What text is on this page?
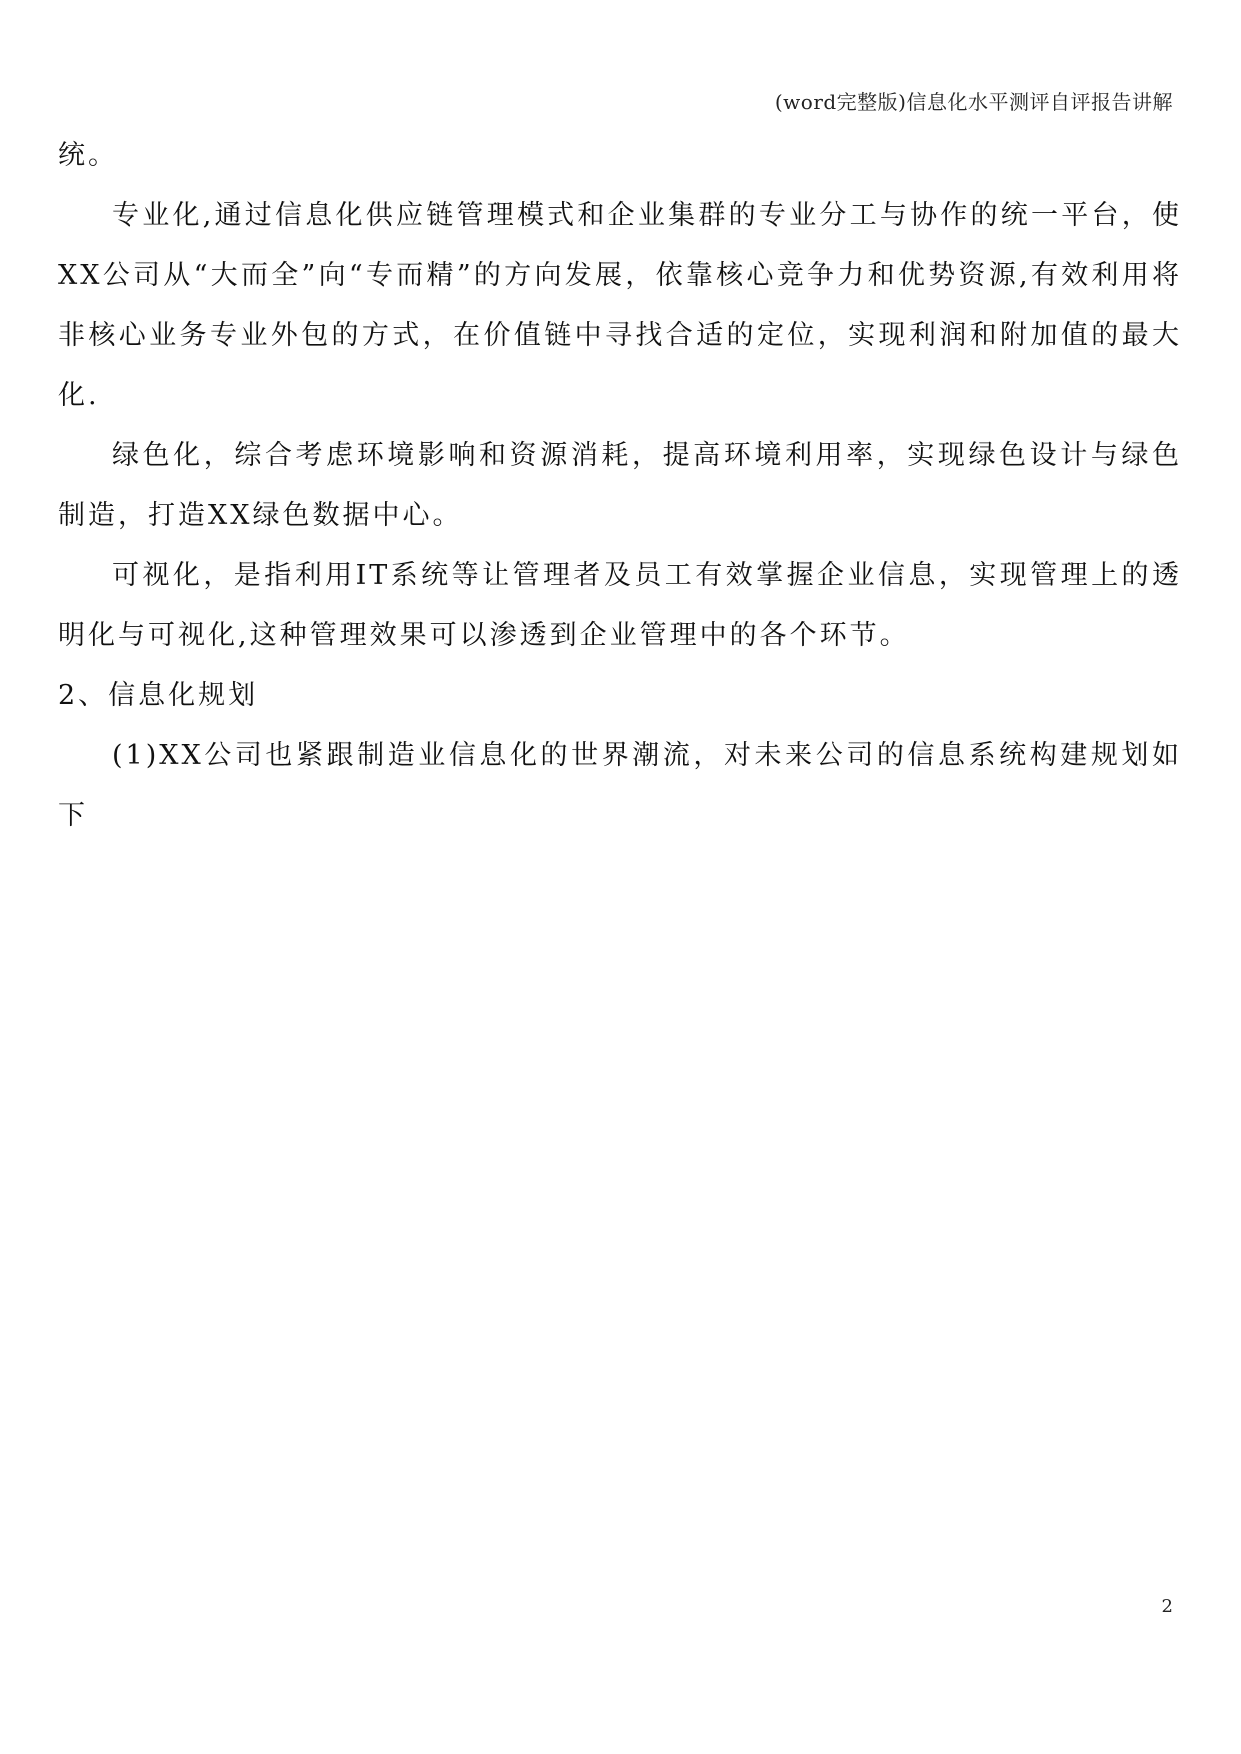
(word完整版)信息化水平测评自评报告讲解

统。

专业化,通过信息化供应链管理模式和企业集群的专业分工与协作的统一平台，使XX公司从“大而全”向“专而精”的方向发展，依靠核心竞争力和优势资源,有效利用将非核心业务专业外包的方式，在价值链中寻找合适的定位，实现利润和附加值的最大化.

绿色化，综合考虑环境影响和资源消耗，提高环境利用率，实现绿色设计与绿色制造，打造XX绿色数据中心。

可视化，是指利用IT系统等让管理者及员工有效掌握企业信息，实现管理上的透明化与可视化,这种管理效果可以渗透到企业管理中的各个环节。

2、信息化规划

(1)XX公司也紧跟制造业信息化的世界潮流，对未来公司的信息系统构建规划如下

2
